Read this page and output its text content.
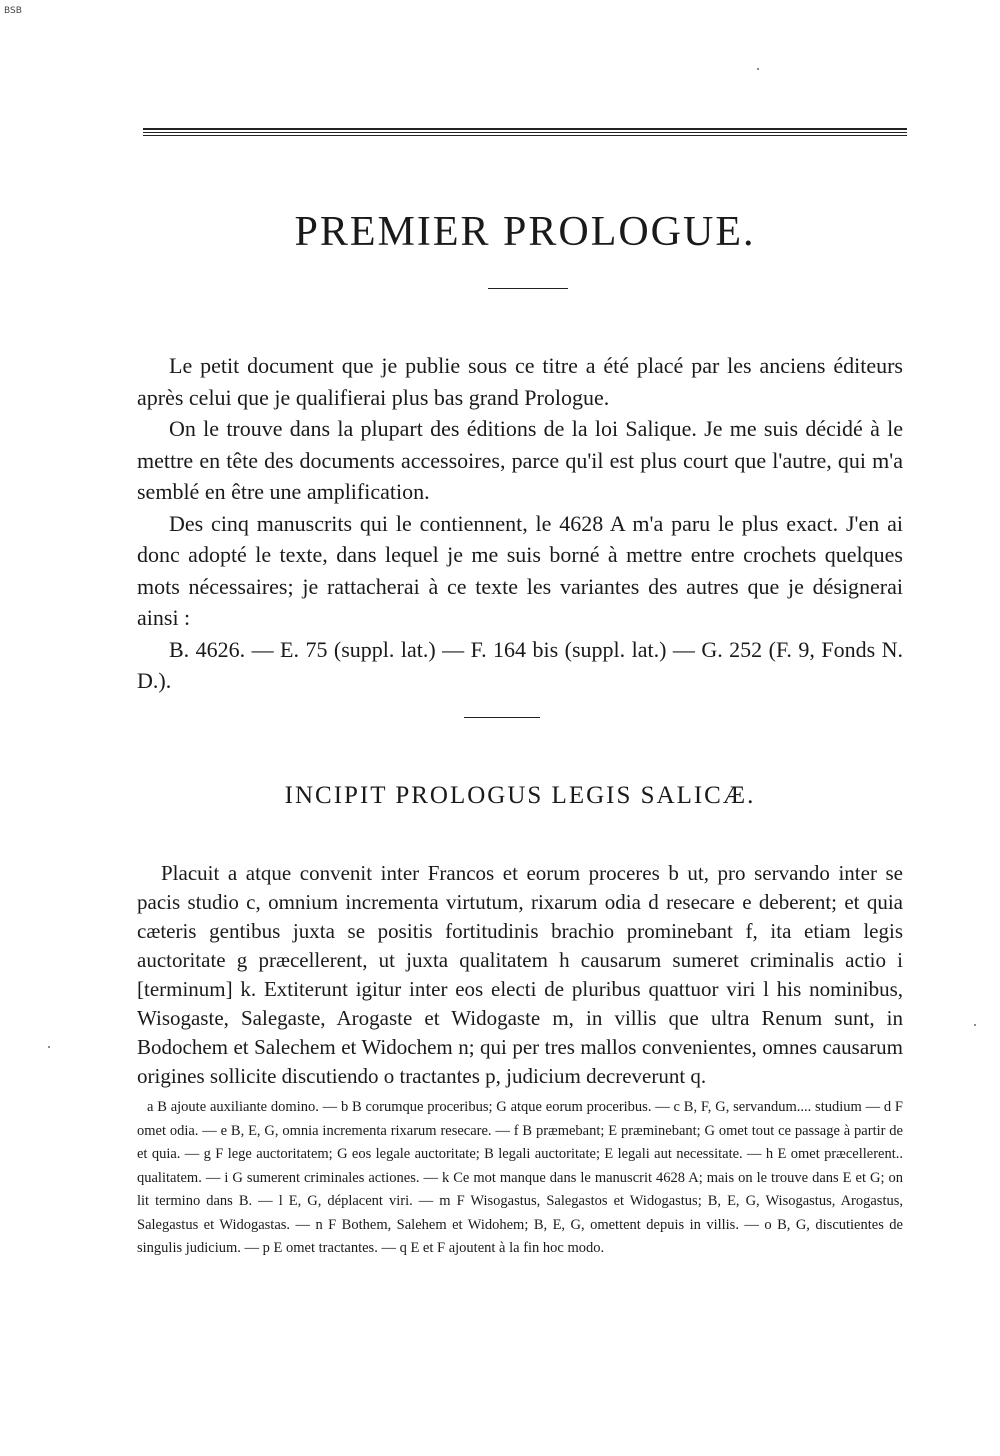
BSB
PREMIER PROLOGUE.

Le petit document que je publie sous ce titre a été placé par les anciens éditeurs après celui que je qualifierai plus bas grand Prologue.

On le trouve dans la plupart des éditions de la loi Salique. Je me suis décidé à le mettre en tête des documents accessoires, parce qu'il est plus court que l'autre, qui m'a semblé en être une amplification.

Des cinq manuscrits qui le contiennent, le 4628 A m'a paru le plus exact. J'en ai donc adopté le texte, dans lequel je me suis borné à mettre entre crochets quelques mots nécessaires; je rattacherai à ce texte les variantes des autres que je désignerai ainsi :

B. 4626. — E. 75 (suppl. lat.) — F. 164 bis (suppl. lat.) — G. 252 (F. 9, Fonds N. D.).

INCIPIT PROLOGUS LEGIS SALICÆ.

Placuit a atque convenit inter Francos et eorum proceres b ut, pro servando inter se pacis studio c, omnium incrementa virtutum, rixarum odia d resecare e deberent; et quia cæteris gentibus juxta se positis fortitudinis brachio prominebant f, ita etiam legis auctoritate g præcellerent, ut juxta qualitatem h causarum sumeret criminalis actio i [terminum] k. Extiterunt igitur inter eos electi de pluribus quattuor viri l his nominibus, Wisogaste, Salegaste, Arogaste et Widogaste m, in villis que ultra Renum sunt, in Bodochem et Salechem et Widochem n; qui per tres mallos convenientes, omnes causarum origines sollicite discutiendo o tractantes p, judicium decreverunt q.

a B ajoute auxiliante domino. — b B corumque proceribus; G atque eorum proceribus. — c B, F, G, servandum.... studium — d F omet odia. — e B, E, G, omnia incrementa rixarum resecare. — f B præmebant; E præminebant; G omet tout ce passage à partir de et quia. — g F lege auctoritatem; G eos legale auctoritate; B legali auctoritate; E legali aut necessitate. — h E omet præcellerent.. qualitatem. — i G sumerent criminales actiones. — k Ce mot manque dans le manuscrit 4628 A; mais on le trouve dans E et G; on lit termino dans B. — l E, G, déplacent viri. — m F Wisogastus, Salegastos et Widogastus; B, E, G, Wisogastus, Arogastus, Salegastus et Widogastas. — n F Bothem, Salehem et Widohem; B, E, G, omettent depuis in villis. — o B, G, discutientes de singulis judicium. — p E omet tractantes. — q E et F ajoutent à la fin hoc modo.
